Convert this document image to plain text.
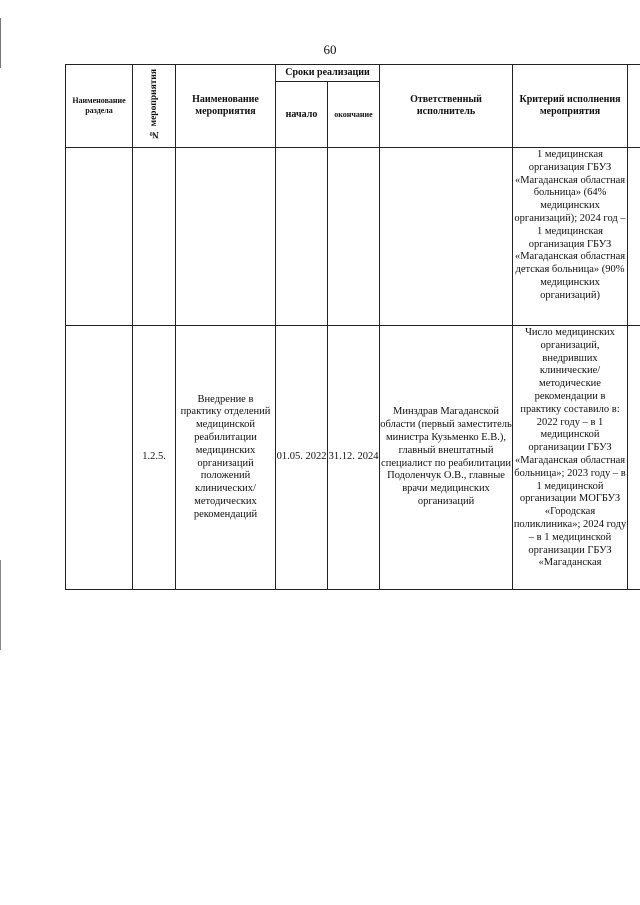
60
Наименование раздела	№ мероприятия	Наименование мероприятия	Сроки реализации		Ответственный исполнитель	Критерий исполнения мероприятия	
			начало	окончание			
						1 медицинская организация ГБУЗ «Магаданская областная больница» (64% медицинских организаций); 2024 год – 1 медицинская организация ГБУЗ «Магаданская областная детская больница» (90% медицинских организаций)	
	1.2.5.	Внедрение в практику отделений медицинской реабилитации медицинских организаций положений клинических/методических рекомендаций	01.05. 2022	31.12. 2024	Минздрав Магаданской области (первый заместитель министра Кузьменко Е.В.), главный внештатный специалист по реабилитации Подоленчук О.В., главные врачи медицинских организаций	Число медицинских организаций, внедривших клинические/ методические рекомендации в практику составило в: 2022 году – в 1 медицинской организации ГБУЗ «Магаданская областная больница»; 2023 году – в 1 медицинской организации МОГБУЗ «Городская поликлиника»; 2024 году – в 1 медицинской организации ГБУЗ «Магаданская	
